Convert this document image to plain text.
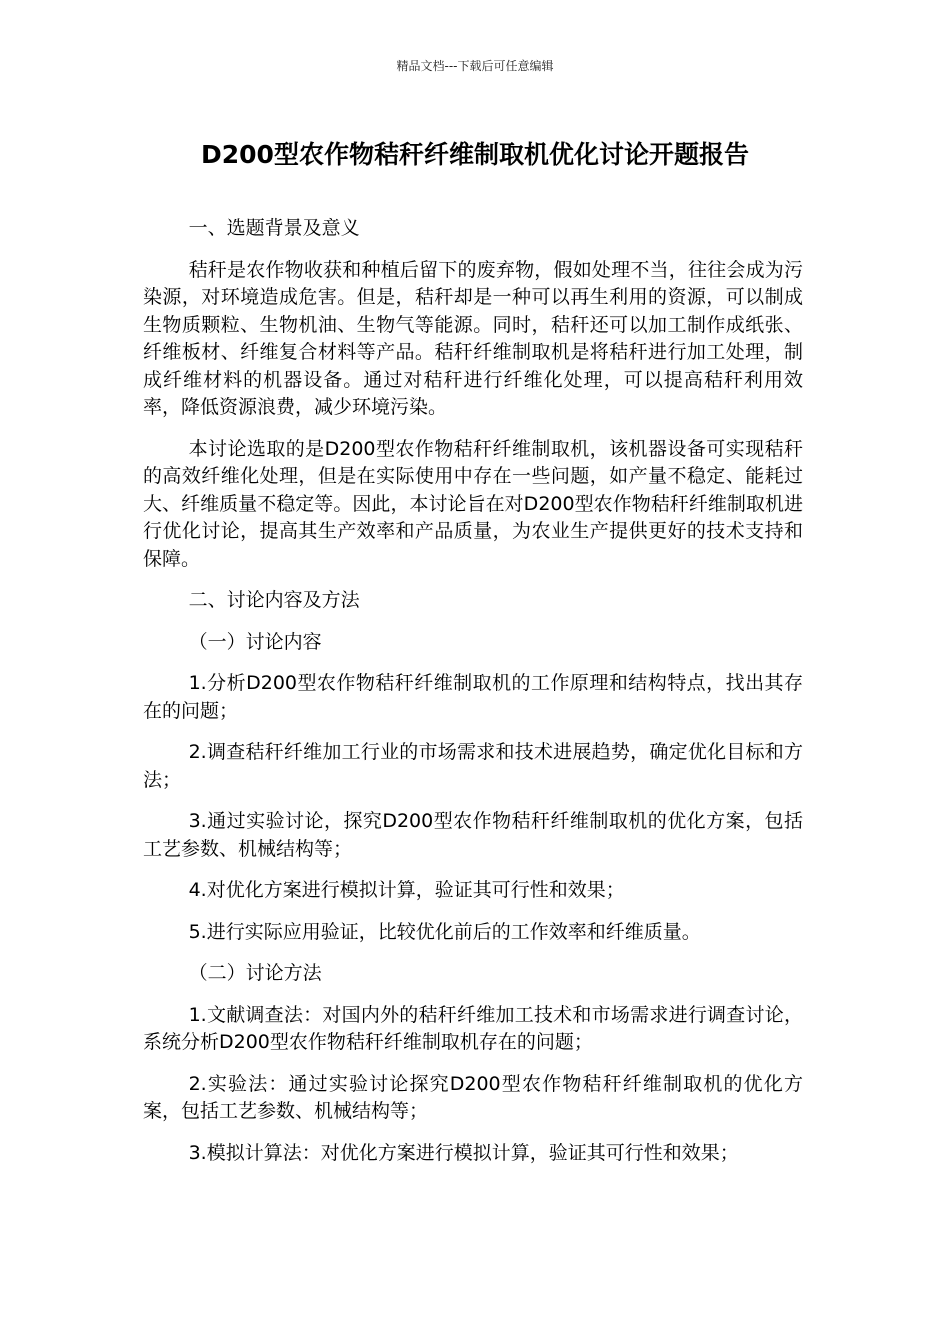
精品文档---下载后可任意编辑
D200型农作物秸秆纤维制取机优化讨论开题报告

一、选题背景及意义

秸秆是农作物收获和种植后留下的废弃物，假如处理不当，往往会成为污染源，对环境造成危害。但是，秸秆却是一种可以再生利用的资源，可以制成生物质颗粒、生物机油、生物气等能源。同时，秸秆还可以加工制作成纸张、纤维板材、纤维复合材料等产品。秸秆纤维制取机是将秸秆进行加工处理，制成纤维材料的机器设备。通过对秸秆进行纤维化处理，可以提高秸秆利用效率，降低资源浪费，减少环境污染。

本讨论选取的是D200型农作物秸秆纤维制取机，该机器设备可实现秸秆的高效纤维化处理，但是在实际使用中存在一些问题，如产量不稳定、能耗过大、纤维质量不稳定等。因此，本讨论旨在对D200型农作物秸秆纤维制取机进行优化讨论，提高其生产效率和产品质量，为农业生产提供更好的技术支持和保障。

二、讨论内容及方法

（一）讨论内容

1.分析D200型农作物秸秆纤维制取机的工作原理和结构特点，找出其存在的问题；

2.调查秸秆纤维加工行业的市场需求和技术进展趋势，确定优化目标和方法；

3.通过实验讨论，探究D200型农作物秸秆纤维制取机的优化方案，包括工艺参数、机械结构等；

4.对优化方案进行模拟计算，验证其可行性和效果；

5.进行实际应用验证，比较优化前后的工作效率和纤维质量。

（二）讨论方法

1.文献调查法：对国内外的秸秆纤维加工技术和市场需求进行调查讨论，系统分析D200型农作物秸秆纤维制取机存在的问题；

2.实验法：通过实验讨论探究D200型农作物秸秆纤维制取机的优化方案，包括工艺参数、机械结构等；

3.模拟计算法：对优化方案进行模拟计算，验证其可行性和效果；
